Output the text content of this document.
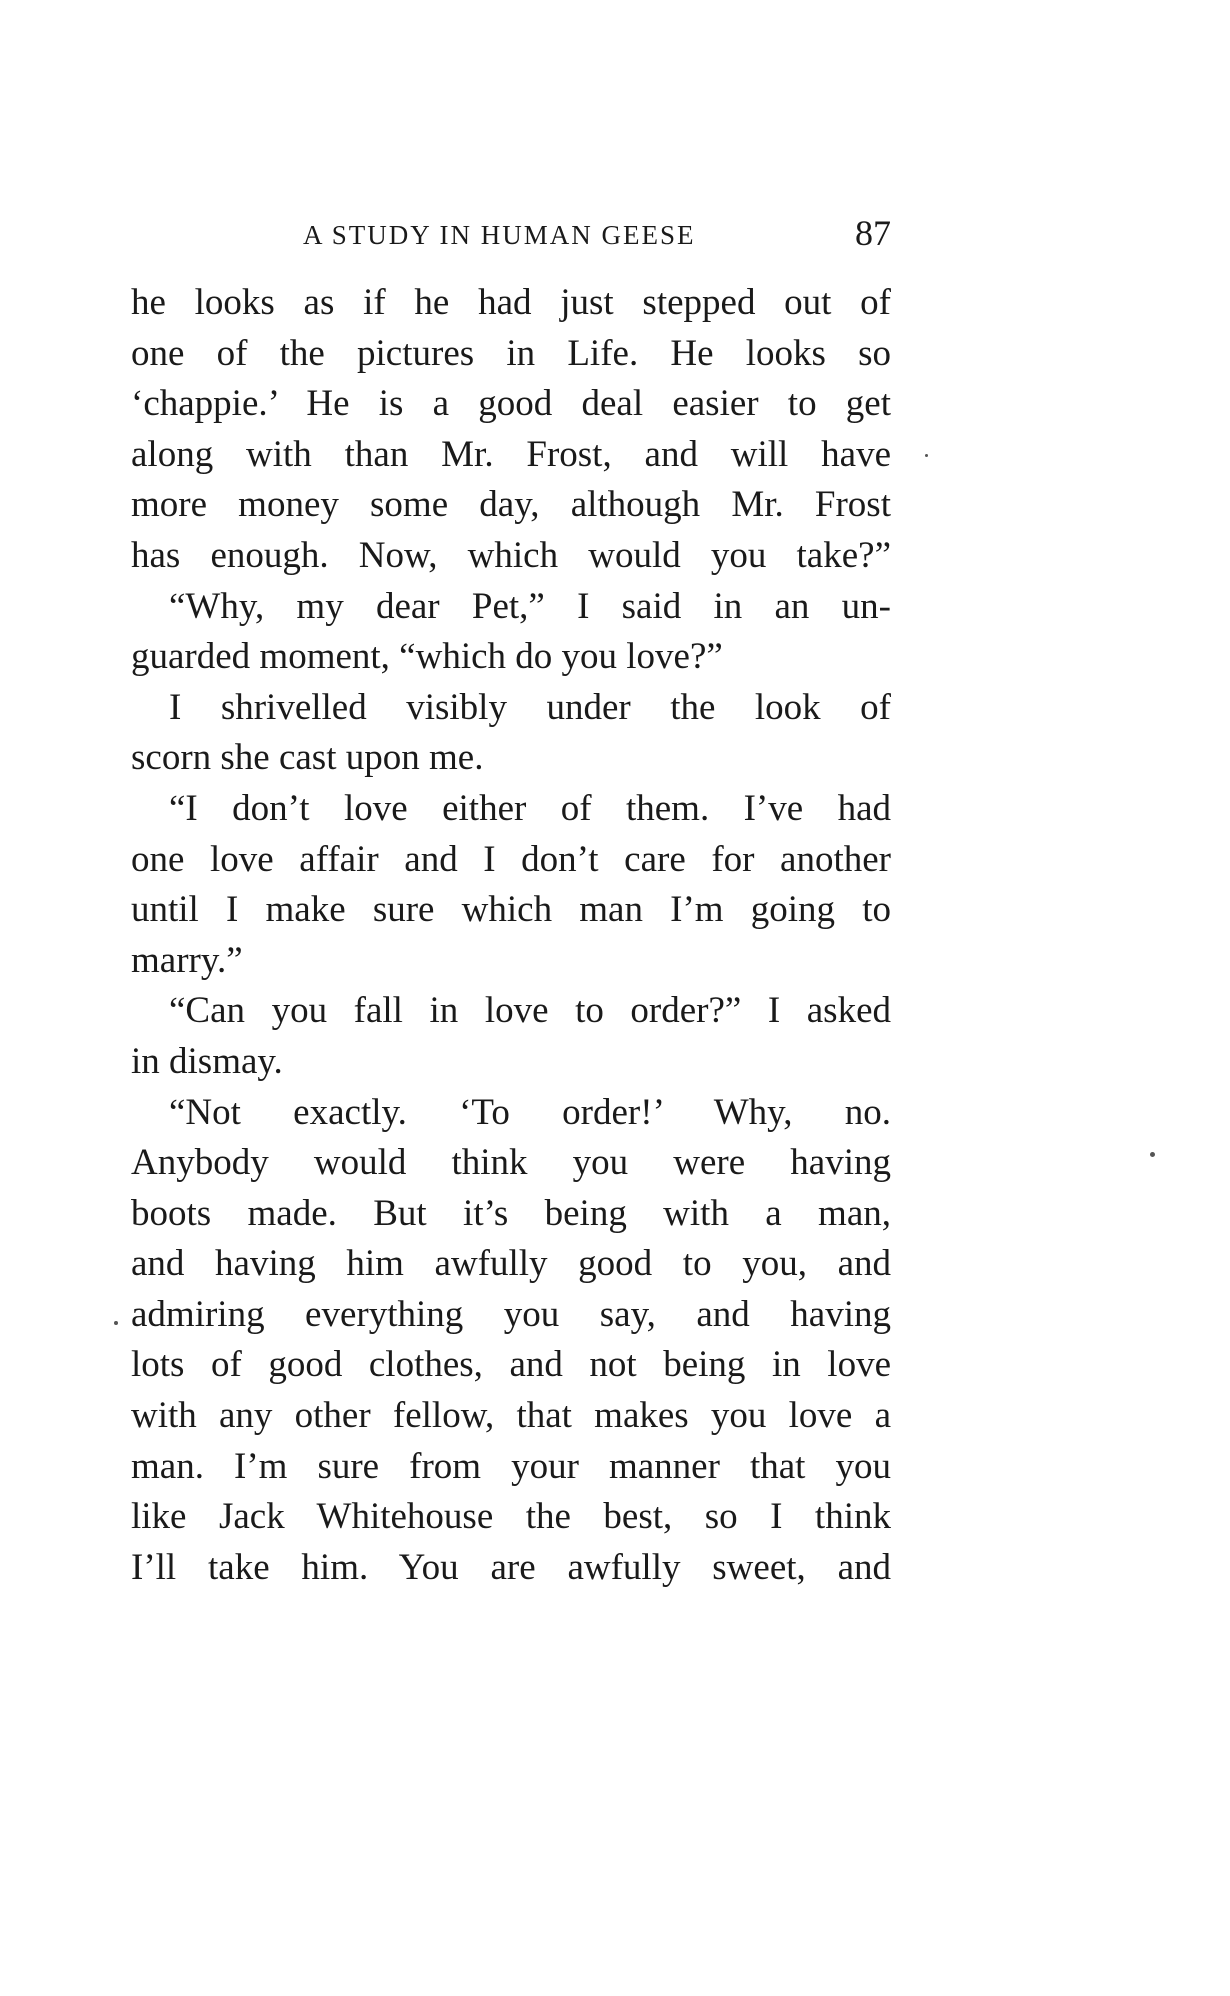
A STUDY IN HUMAN GEESE	87
he looks as if he had just stepped out of
one of the pictures in Life. He looks so
‘chappie.’ He is a good deal easier to get
along with than Mr. Frost, and will have
more money some day, although Mr. Frost
has enough. Now, which would you take?”
“Why, my dear Pet,” I said in an un-
guarded moment, “which do you love?”
I shrivelled visibly under the look of
scorn she cast upon me.
“I don’t love either of them. I’ve had
one love affair and I don’t care for another
until I make sure which man I’m going to
marry.”
“Can you fall in love to order?” I asked
in dismay.
“Not exactly. ‘To order!’ Why, no.
Anybody would think you were having
boots made. But it’s being with a man,
and having him awfully good to you, and
admiring everything you say, and having
lots of good clothes, and not being in love
with any other fellow, that makes you love a
man. I’m sure from your manner that you
like Jack Whitehouse the best, so I think
I’ll take him. You are awfully sweet, and
